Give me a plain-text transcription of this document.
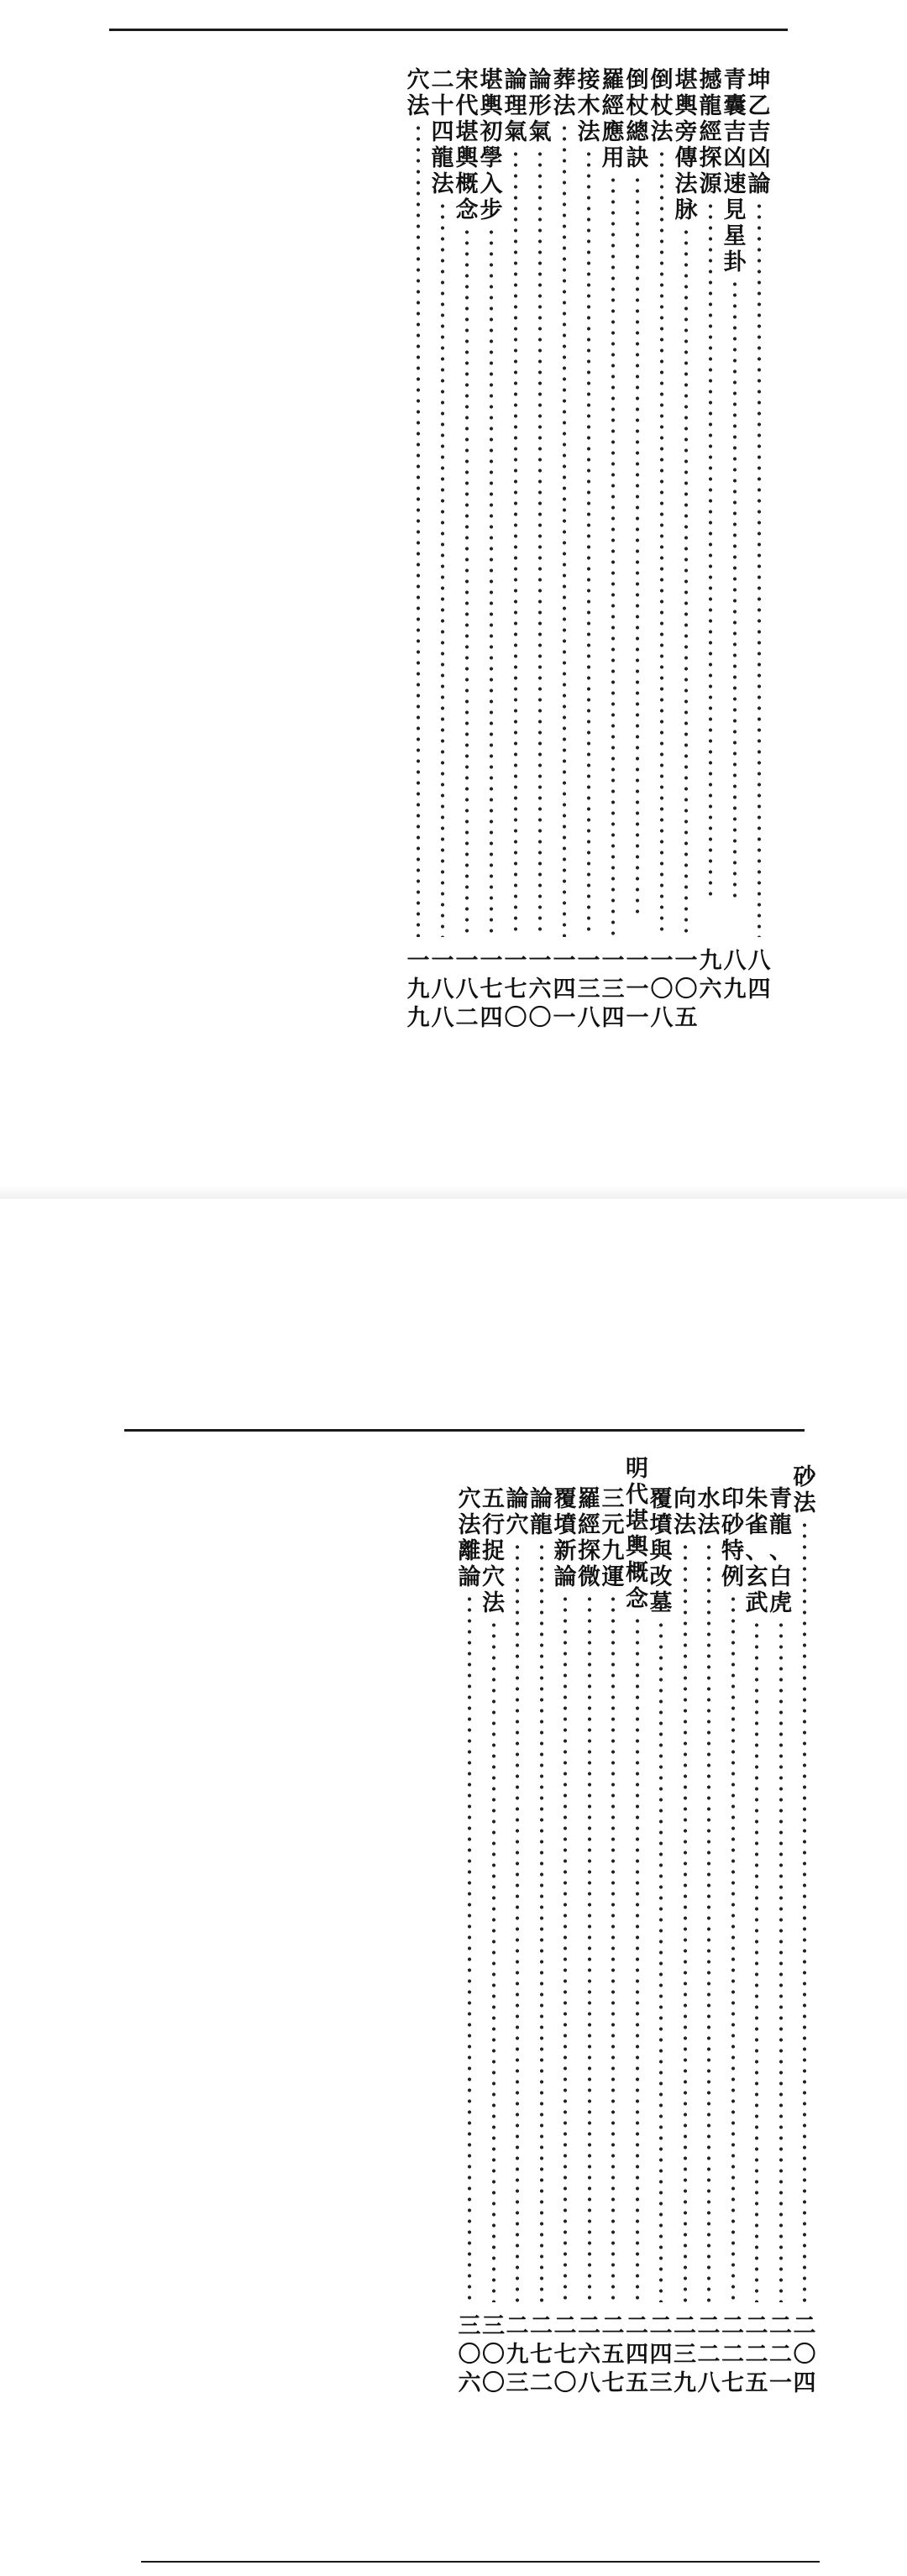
坤
乙
吉
凶
論
八
四
青
囊
吉
凶
速
見
星
卦
八
九
撼
龍
經
探
源
九
六
堪
輿
旁
傳
法
脉
一
〇
五
倒
杖
法
一
〇
八
倒
杖
總
訣
一
一
一
羅
經
應
用
一
三
四
接
木
法
一
三
八
葬
法
一
四
一
論
形
氣
一
六
〇
論
理
氣
一
七
〇
堪
輿
初
學
入
步
一
七
四
宋
代
堪
輿
概
念
一
八
二
二
十
四
龍
法
一
八
八
穴
法
一
九
九
砂
法
二
〇
四
青
龍
、
白
虎
二
二
一
朱
雀
、
玄
武
二
二
五
印
砂
特
例
二
二
七
水
法
二
二
八
向
法
二
三
九
覆
墳
與
改
墓
二
四
三
明
代
堪
輿
概
念
二
四
五
三
元
九
運
二
五
七
羅
經
探
微
二
六
八
覆
墳
新
論
二
七
〇
論
龍
二
七
二
論
穴
二
九
三
五
行
捉
穴
法
三
〇
〇
穴
法
離
論
三
〇
六
